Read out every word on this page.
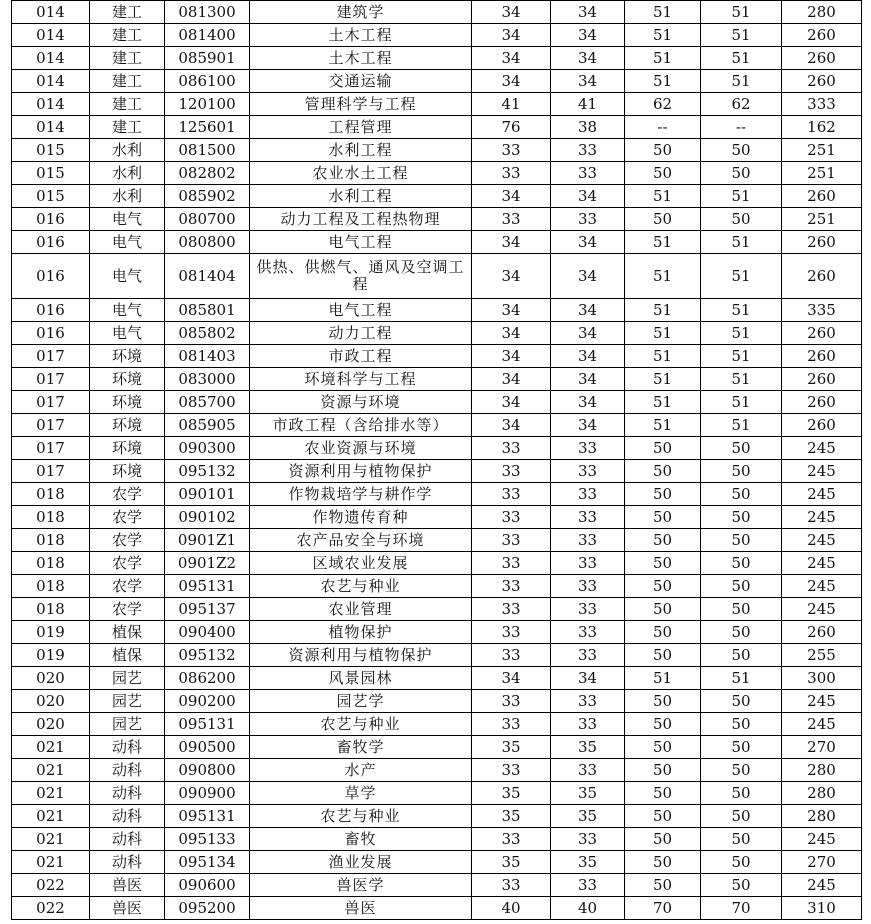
014	建工	081300	建筑学	34	34	51	51	280
014	建工	081400	土木工程	34	34	51	51	260
014	建工	085901	土木工程	34	34	51	51	260
014	建工	086100	交通运输	34	34	51	51	260
014	建工	120100	管理科学与工程	41	41	62	62	333
014	建工	125601	工程管理	76	38	--	--	162
015	水利	081500	水利工程	33	33	50	50	251
015	水利	082802	农业水土工程	33	33	50	50	251
015	水利	085902	水利工程	34	34	51	51	260
016	电气	080700	动力工程及工程热物理	33	33	50	50	251
016	电气	080800	电气工程	34	34	51	51	260
016	电气	081404	供热、供燃气、通风及空调工程	34	34	51	51	260
016	电气	085801	电气工程	34	34	51	51	335
016	电气	085802	动力工程	34	34	51	51	260
017	环境	081403	市政工程	34	34	51	51	260
017	环境	083000	环境科学与工程	34	34	51	51	260
017	环境	085700	资源与环境	34	34	51	51	260
017	环境	085905	市政工程（含给排水等）	34	34	51	51	260
017	环境	090300	农业资源与环境	33	33	50	50	245
017	环境	095132	资源利用与植物保护	33	33	50	50	245
018	农学	090101	作物栽培学与耕作学	33	33	50	50	245
018	农学	090102	作物遗传育种	33	33	50	50	245
018	农学	0901Z1	农产品安全与环境	33	33	50	50	245
018	农学	0901Z2	区域农业发展	33	33	50	50	245
018	农学	095131	农艺与种业	33	33	50	50	245
018	农学	095137	农业管理	33	33	50	50	245
019	植保	090400	植物保护	33	33	50	50	260
019	植保	095132	资源利用与植物保护	33	33	50	50	255
020	园艺	086200	风景园林	34	34	51	51	300
020	园艺	090200	园艺学	33	33	50	50	245
020	园艺	095131	农艺与种业	33	33	50	50	245
021	动科	090500	畜牧学	35	35	50	50	270
021	动科	090800	水产	33	33	50	50	280
021	动科	090900	草学	35	35	50	50	280
021	动科	095131	农艺与种业	35	35	50	50	280
021	动科	095133	畜牧	33	33	50	50	245
021	动科	095134	渔业发展	35	35	50	50	270
022	兽医	090600	兽医学	33	33	50	50	245
022	兽医	095200	兽医	40	40	70	70	310
